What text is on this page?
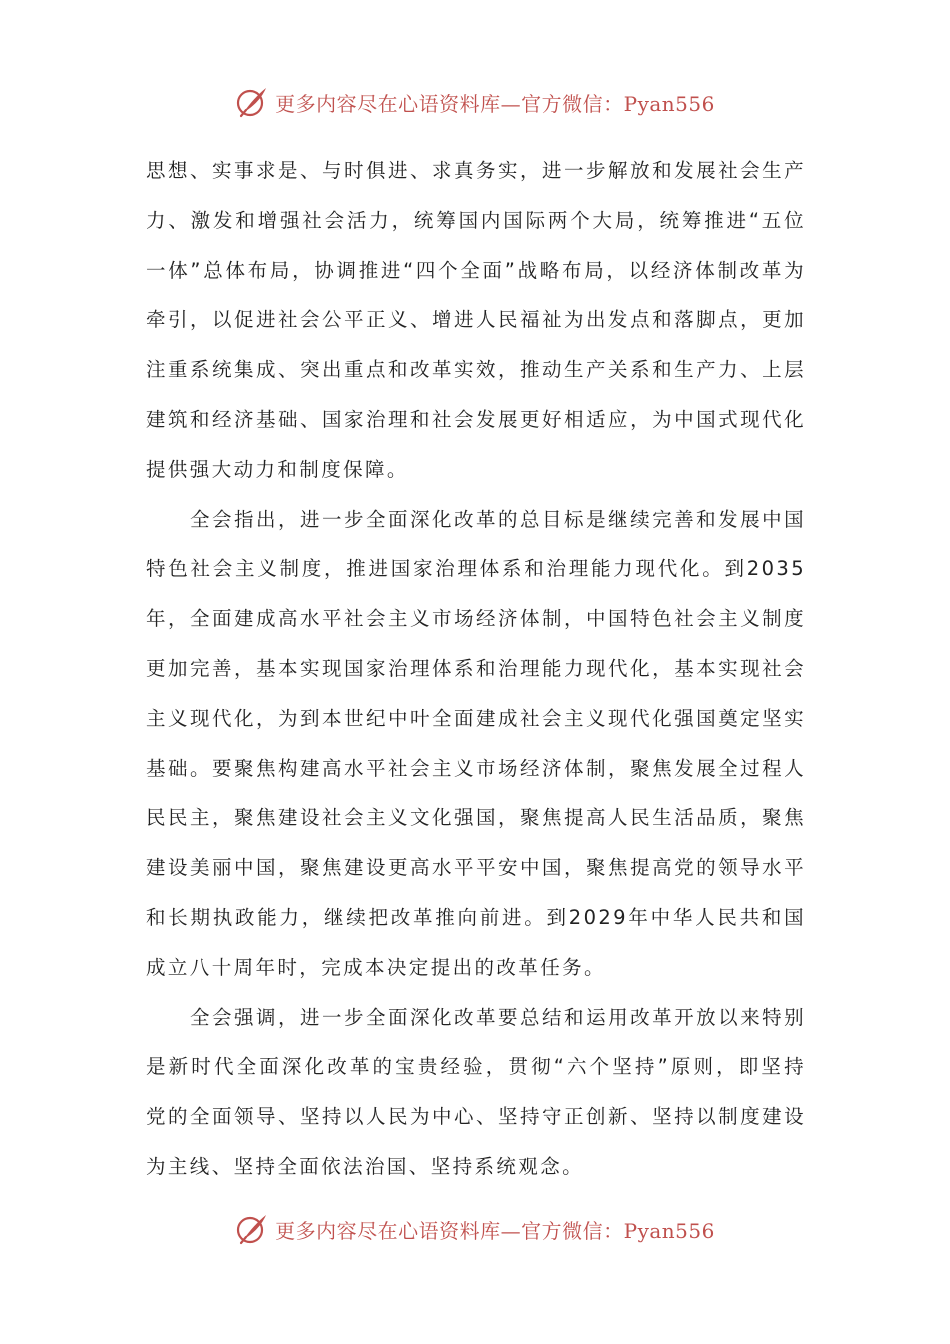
更多内容尽在心语资料库—官方微信：Pyan556

思想、实事求是、与时俱进、求真务实，进一步解放和发展社会生产力、激发和增强社会活力，统筹国内国际两个大局，统筹推进“五位一体”总体布局，协调推进“四个全面”战略布局，以经济体制改革为牵引，以促进社会公平正义、增进人民福祉为出发点和落脚点，更加注重系统集成、突出重点和改革实效，推动生产关系和生产力、上层建筑和经济基础、国家治理和社会发展更好相适应，为中国式现代化提供强大动力和制度保障。

全会指出，进一步全面深化改革的总目标是继续完善和发展中国特色社会主义制度，推进国家治理体系和治理能力现代化。到2035年，全面建成高水平社会主义市场经济体制，中国特色社会主义制度更加完善，基本实现国家治理体系和治理能力现代化，基本实现社会主义现代化，为到本世纪中叶全面建成社会主义现代化强国奠定坚实基础。要聚焦构建高水平社会主义市场经济体制，聚焦发展全过程人民民主，聚焦建设社会主义文化强国，聚焦提高人民生活品质，聚焦建设美丽中国，聚焦建设更高水平平安中国，聚焦提高党的领导水平和长期执政能力，继续把改革推向前进。到2029年中华人民共和国成立八十周年时，完成本决定提出的改革任务。

全会强调，进一步全面深化改革要总结和运用改革开放以来特别是新时代全面深化改革的宝贵经验，贯彻“六个坚持”原则，即坚持党的全面领导、坚持以人民为中心、坚持守正创新、坚持以制度建设为主线、坚持全面依法治国、坚持系统观念。

更多内容尽在心语资料库—官方微信：Pyan556
